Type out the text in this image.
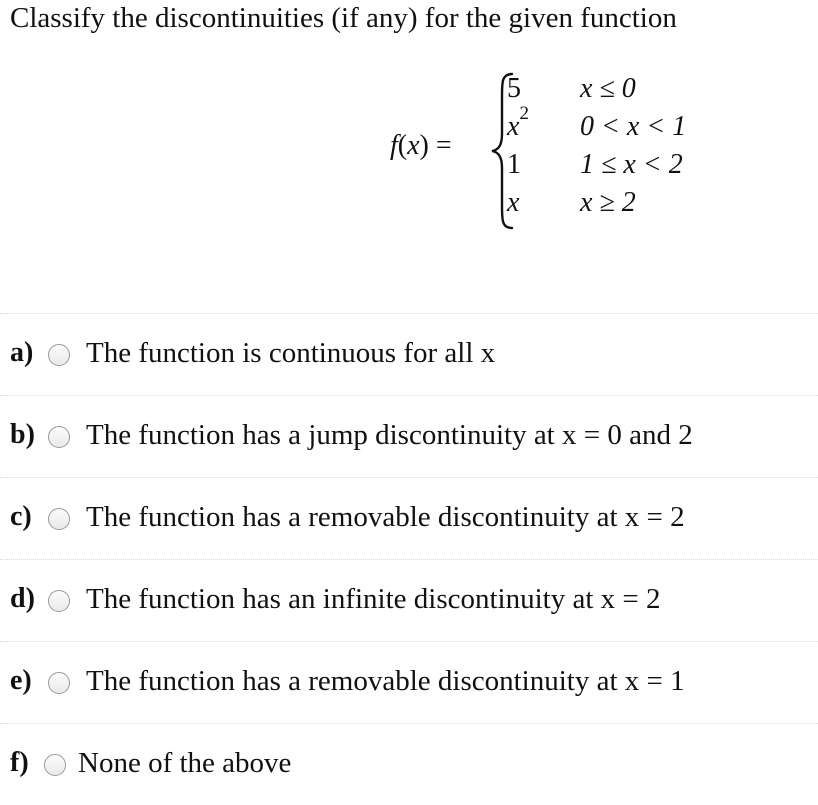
Classify the discontinuities (if any) for the given function
f(x) =
5 x ≤ 0
$x^2$ 0 < x < 1
1 1 ≤ x < 2
x x ≥ 2
a) The function is continuous for all x
b) The function has a jump discontinuity at x = 0 and 2
c) The function has a removable discontinuity at x = 2
d) The function has an infinite discontinuity at x = 2
e) The function has a removable discontinuity at x = 1
f) None of the above
